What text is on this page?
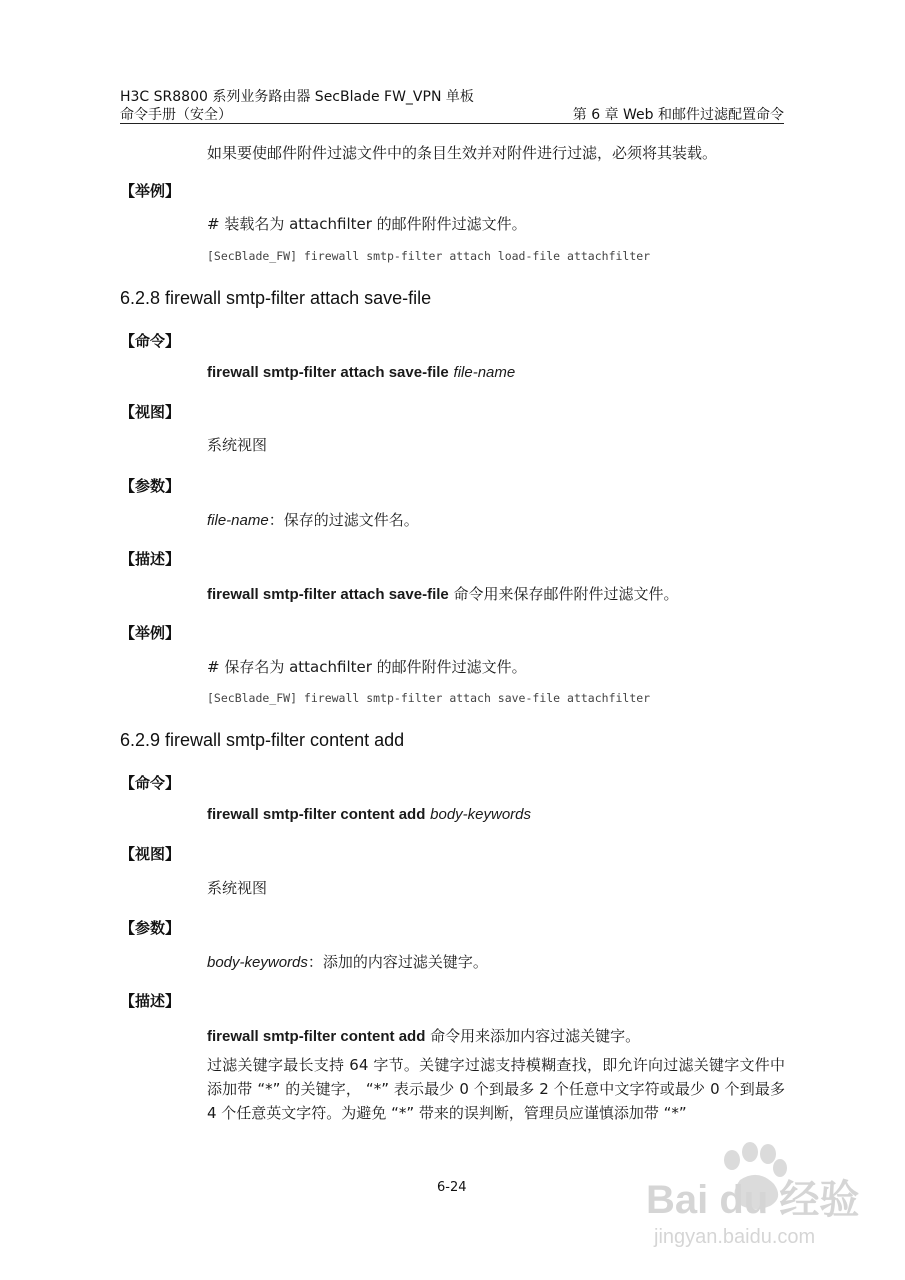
H3C SR8800 系列业务路由器 SecBlade FW_VPN 单板
命令手册（安全）	第 6 章 Web 和邮件过滤配置命令
如果要使邮件附件过滤文件中的条目生效并对附件进行过滤，必须将其装载。
【举例】
# 装载名为 attachfilter 的邮件附件过滤文件。
[SecBlade_FW] firewall smtp-filter attach load-file attachfilter
6.2.8 firewall smtp-filter attach save-file
【命令】
firewall smtp-filter attach save-file file-name
【视图】
系统视图
【参数】
file-name：保存的过滤文件名。
【描述】
firewall smtp-filter attach save-file 命令用来保存邮件附件过滤文件。
【举例】
# 保存名为 attachfilter 的邮件附件过滤文件。
[SecBlade_FW] firewall smtp-filter attach save-file attachfilter
6.2.9 firewall smtp-filter content add
【命令】
firewall smtp-filter content add body-keywords
【视图】
系统视图
【参数】
body-keywords：添加的内容过滤关键字。
【描述】
firewall smtp-filter content add 命令用来添加内容过滤关键字。
过滤关键字最长支持 64 字节。关键字过滤支持模糊查找，即允许向过滤关键字文件中添加带 “*” 的关键字， “*” 表示最少 0 个到最多 2 个任意中文字符或最少 0 个到最多 4 个任意英文字符。为避免 “*” 带来的误判断，管理员应谨慎添加带 “*”
6-24	Bai du 经验
jingyan.baidu.com
